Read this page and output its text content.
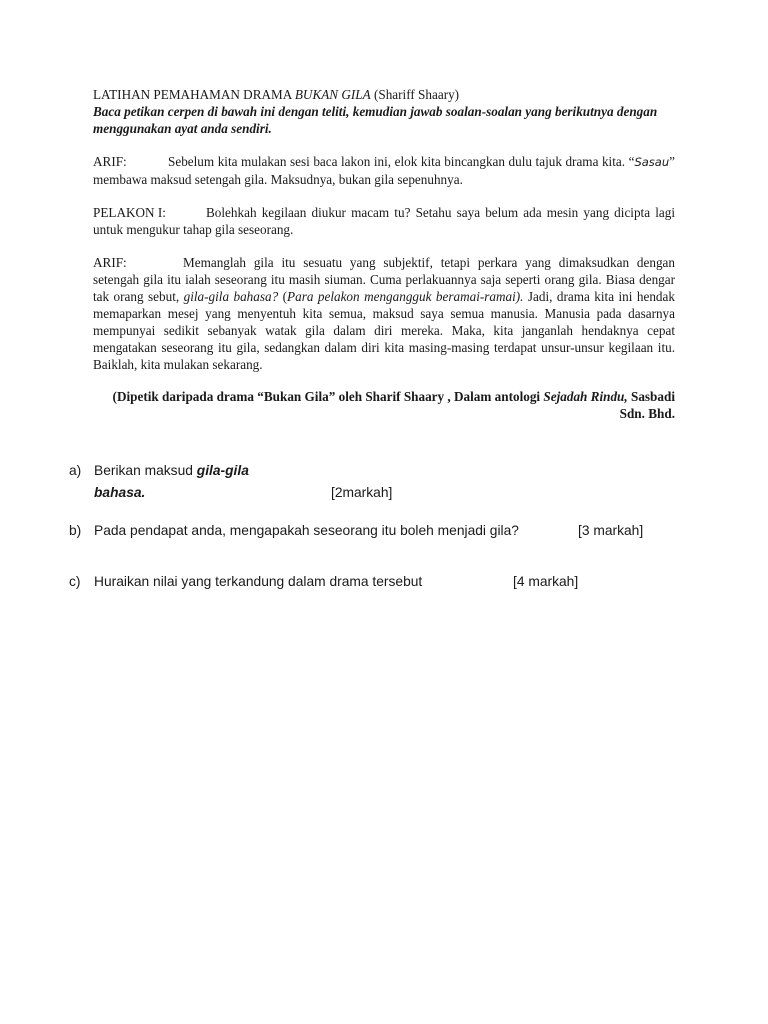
LATIHAN PEMAHAMAN DRAMA BUKAN GILA (Shariff Shaary)

Baca petikan cerpen di bawah ini dengan teliti, kemudian jawab soalan-soalan yang berikutnya dengan menggunakan ayat anda sendiri.

ARIF:	Sebelum kita mulakan sesi baca lakon ini, elok kita bincangkan dulu tajuk drama kita. “Sasau” membawa maksud setengah gila. Maksudnya, bukan gila sepenuhnya.
PELAKON I:	Bolehkah kegilaan diukur macam tu? Setahu saya belum ada mesin yang dicipta lagi untuk mengukur tahap gila seseorang.
ARIF:	Memanglah gila itu sesuatu yang subjektif, tetapi perkara yang dimaksudkan dengan setengah gila itu ialah seseorang itu masih siuman. Cuma perlakuannya saja seperti orang gila. Biasa dengar tak orang sebut, gila-gila bahasa? (Para pelakon mengangguk beramai-ramai). Jadi, drama kita ini hendak memaparkan mesej yang menyentuh kita semua, maksud saya semua manusia. Manusia pada dasarnya mempunyai sedikit sebanyak watak gila dalam diri mereka. Maka, kita janganlah hendaknya cepat mengatakan seseorang itu gila, sedangkan dalam diri kita masing-masing terdapat unsur-unsur kegilaan itu. Baiklah, kita mulakan sekarang.
(Dipetik daripada drama “Bukan Gila” oleh Sharif Shaary , Dalam antologi Sejadah Rindu, Sasbadi Sdn. Bhd.
a) Berikan maksud gila-gila
bahasa.	[2markah]
b) Pada pendapat anda, mengapakah seseorang itu boleh menjadi gila?	[3 markah]
c) Huraikan nilai yang terkandung dalam drama tersebut	[4 markah]
